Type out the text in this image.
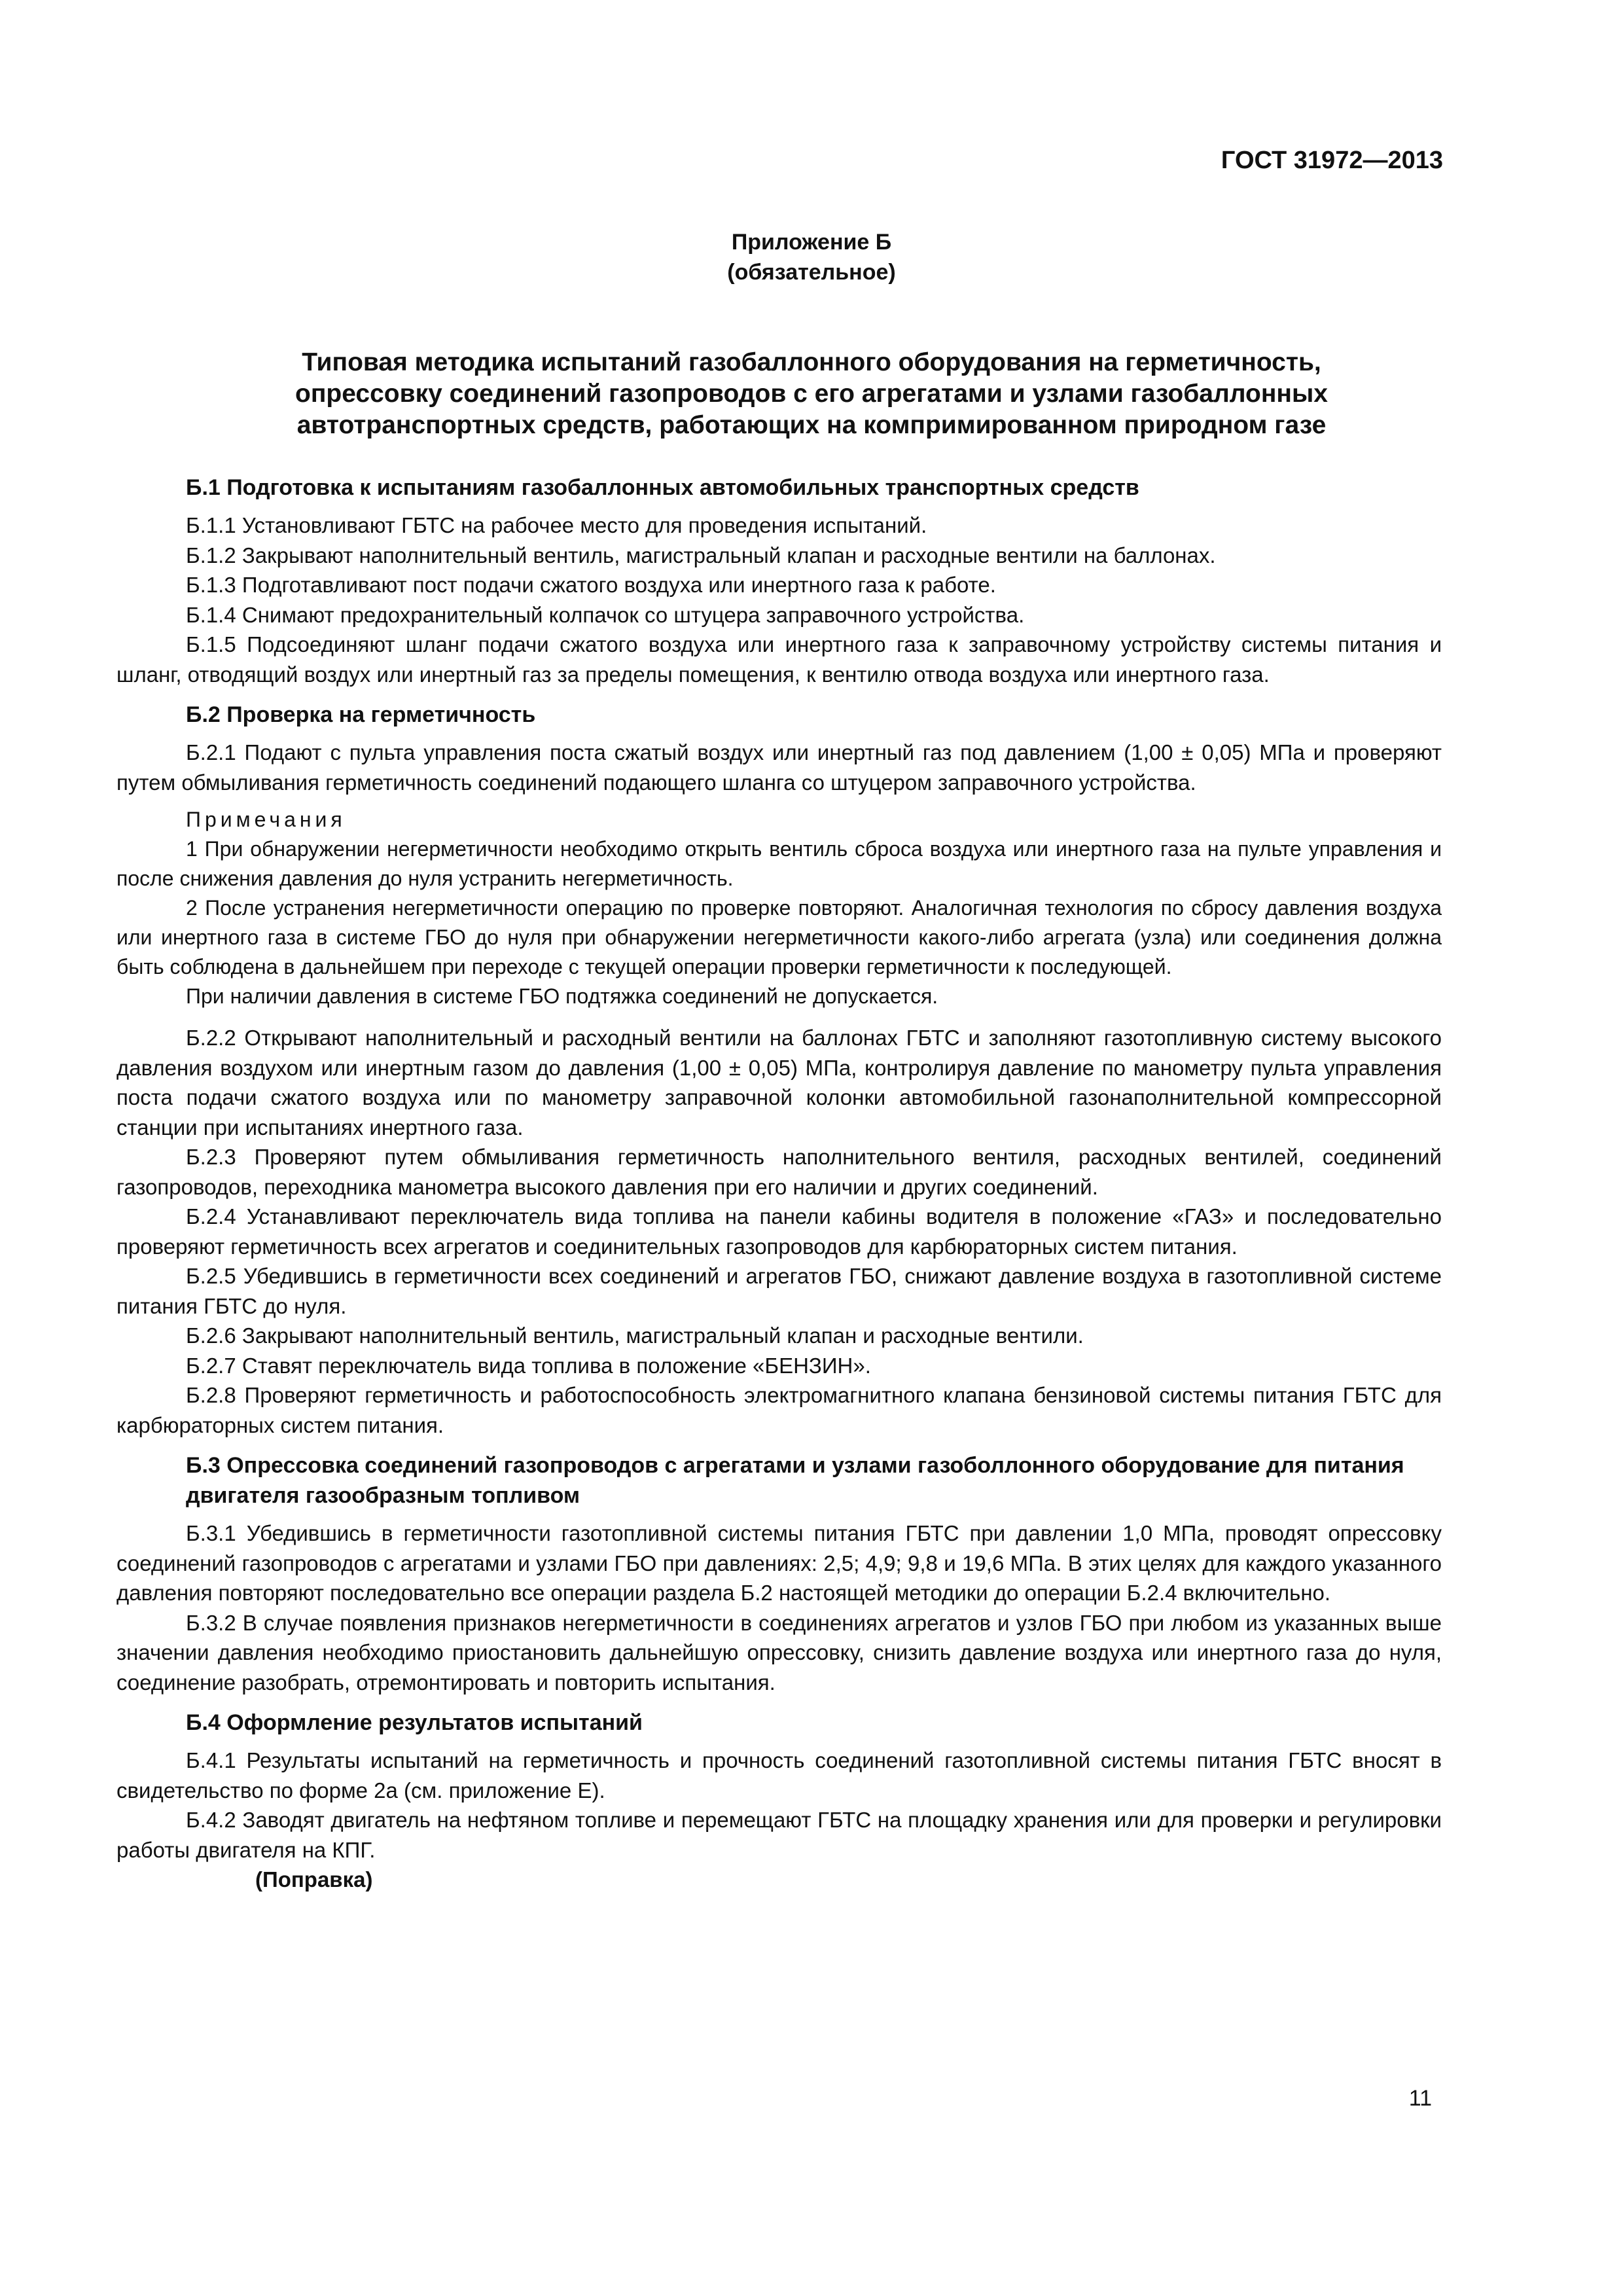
ГОСТ 31972—2013
Приложение Б
(обязательное)
Типовая методика испытаний газобаллонного оборудования на герметичность,
опрессовку соединений газопроводов с его агрегатами и узлами газобаллонных
автотранспортных средств, работающих на компримированном природном газе
Б.1 Подготовка к испытаниям газобаллонных автомобильных транспортных средств

Б.1.1 Установливают ГБТС на рабочее место для проведения испытаний.

Б.1.2 Закрывают наполнительный вентиль, магистральный клапан и расходные вентили на баллонах.

Б.1.3 Подготавливают пост подачи сжатого воздуха или инертного газа к работе.

Б.1.4 Снимают предохранительный колпачок со штуцера заправочного устройства.

Б.1.5 Подсоединяют шланг подачи сжатого воздуха или инертного газа к заправочному устройству системы питания и шланг, отводящий воздух или инертный газ за пределы помещения, к вентилю отвода воздуха или инертного газа.

Б.2 Проверка на герметичность

Б.2.1 Подают с пульта управления поста сжатый воздух или инертный газ под давлением (1,00 ± 0,05) МПа и проверяют путем обмыливания герметичность соединений подающего шланга со штуцером заправочного устройства.

Примечания

1 При обнаружении негерметичности необходимо открыть вентиль сброса воздуха или инертного газа на пульте управления и после снижения давления до нуля устранить негерметичность.

2 После устранения негерметичности операцию по проверке повторяют. Аналогичная технология по сбросу давления воздуха или инертного газа в системе ГБО до нуля при обнаружении негерметичности какого-либо агрегата (узла) или соединения должна быть соблюдена в дальнейшем при переходе с текущей операции проверки герметичности к последующей.

При наличии давления в системе ГБО подтяжка соединений не допускается.

Б.2.2 Открывают наполнительный и расходный вентили на баллонах ГБТС и заполняют газотопливную систему высокого давления воздухом или инертным газом до давления (1,00 ± 0,05) МПа, контролируя давление по манометру пульта управления поста подачи сжатого воздуха или по манометру заправочной колонки автомобильной газонаполнительной компрессорной станции при испытаниях инертного газа.

Б.2.3 Проверяют путем обмыливания герметичность наполнительного вентиля, расходных вентилей, соединений газопроводов, переходника манометра высокого давления при его наличии и других соединений.

Б.2.4 Устанавливают переключатель вида топлива на панели кабины водителя в положение «ГАЗ» и последовательно проверяют герметичность всех агрегатов и соединительных газопроводов для карбюраторных систем питания.

Б.2.5 Убедившись в герметичности всех соединений и агрегатов ГБО, снижают давление воздуха в газотопливной системе питания ГБТС до нуля.

Б.2.6 Закрывают наполнительный вентиль, магистральный клапан и расходные вентили.

Б.2.7 Ставят переключатель вида топлива в положение «БЕНЗИН».

Б.2.8 Проверяют герметичность и работоспособность электромагнитного клапана бензиновой системы питания ГБТС для карбюраторных систем питания.

Б.3 Опрессовка соединений газопроводов с агрегатами и узлами газоболлонного оборудование для питания двигателя газообразным топливом

Б.3.1 Убедившись в герметичности газотопливной системы питания ГБТС при давлении 1,0 МПа, проводят опрессовку соединений газопроводов с агрегатами и узлами ГБО при давлениях: 2,5; 4,9; 9,8 и 19,6 МПа. В этих целях для каждого указанного давления повторяют последовательно все операции раздела Б.2 настоящей методики до операции Б.2.4 включительно.

Б.3.2 В случае появления признаков негерметичности в соединениях агрегатов и узлов ГБО при любом из указанных выше значении давления необходимо приостановить дальнейшую опрессовку, снизить давление воздуха или инертного газа до нуля, соединение разобрать, отремонтировать и повторить испытания.

Б.4 Оформление результатов испытаний

Б.4.1 Результаты испытаний на герметичность и прочность соединений газотопливной системы питания ГБТС вносят в свидетельство по форме 2а (см. приложение Е).

Б.4.2 Заводят двигатель на нефтяном топливе и перемещают ГБТС на площадку хранения или для проверки и регулировки работы двигателя на КПГ.

(Поправка)

11
